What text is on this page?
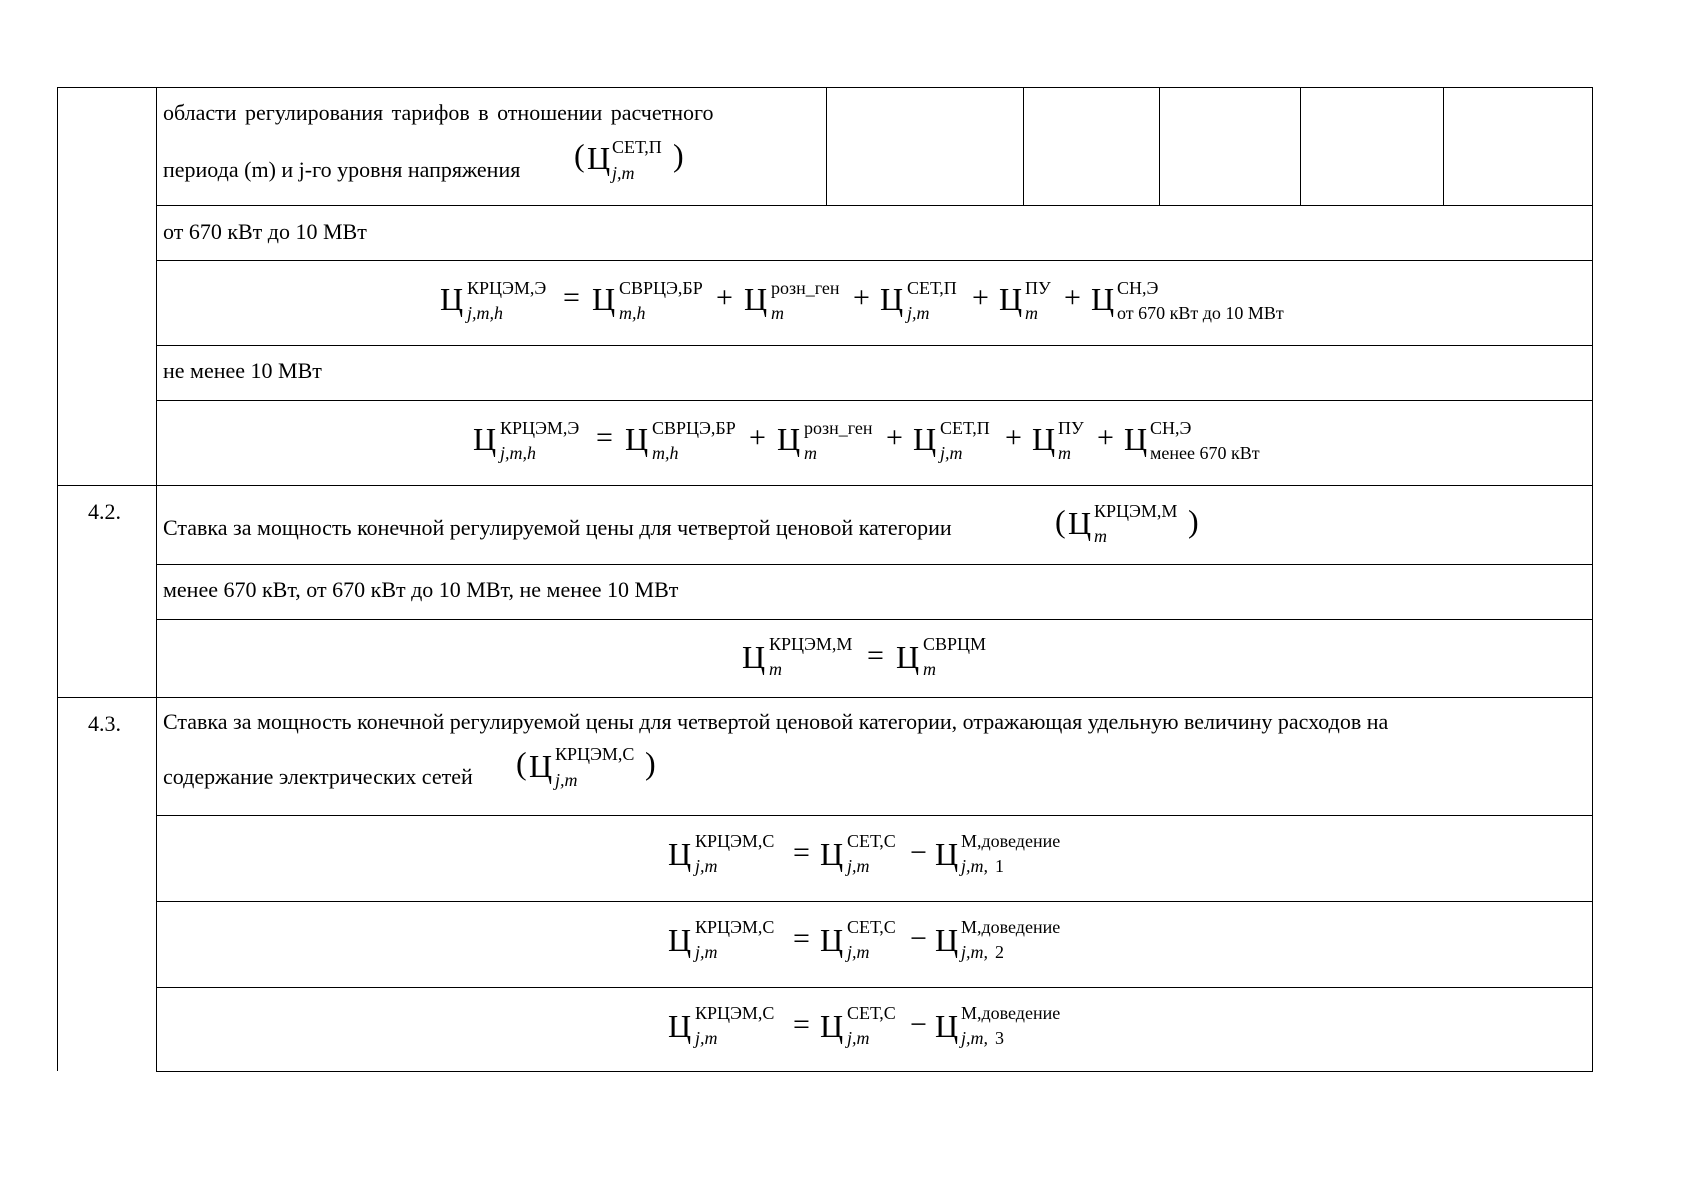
области регулирования тарифов в отношении расчетного
периода (m) и j-го уровня напряжения ( Ц СЕТ,П
j,m )
от 670 кВт до 10 МВт
Ц КРЦЭМ,Э
j,m,h = Ц СВРЦЭ,БР
m,h + Ц розн_ген
m + Ц СЕТ,П
j,m + Ц ПУ
m + Ц СН,Э
от 670 кВт до 10 МВт
не менее 10 МВт
Ц КРЦЭМ,Э
j,m,h = Ц СВРЦЭ,БР
m,h + Ц розн_ген
m + Ц СЕТ,П
j,m + Ц ПУ
m + Ц СН,Э
менее 670 кВт
4.2.
Ставка за мощность конечной регулируемой цены для четвертой ценовой категории	( Ц КРЦЭМ,М
m	)
менее 670 кВт, от 670 кВт до 10 МВт, не менее 10 МВт
Ц КРЦЭМ,М
m	= Ц СВРЦМ
m
4.3. Ставка за мощность конечной регулируемой цены для четвертой ценовой категории, отражающая удельную величину расходов на
содержание электрических сетей ( Ц КРЦЭМ,С
j,m )
Ц КРЦЭМ,С
j,m	= Ц СЕТ,С
j,m − Ц М,доведение
j,m, 1
Ц КРЦЭМ,С
j,m	= Ц СЕТ,С
j,m − Ц М,доведение
j,m, 2
Ц КРЦЭМ,С
j,m	= Ц СЕТ,С
j,m − Ц М,доведение
j,m, 3
